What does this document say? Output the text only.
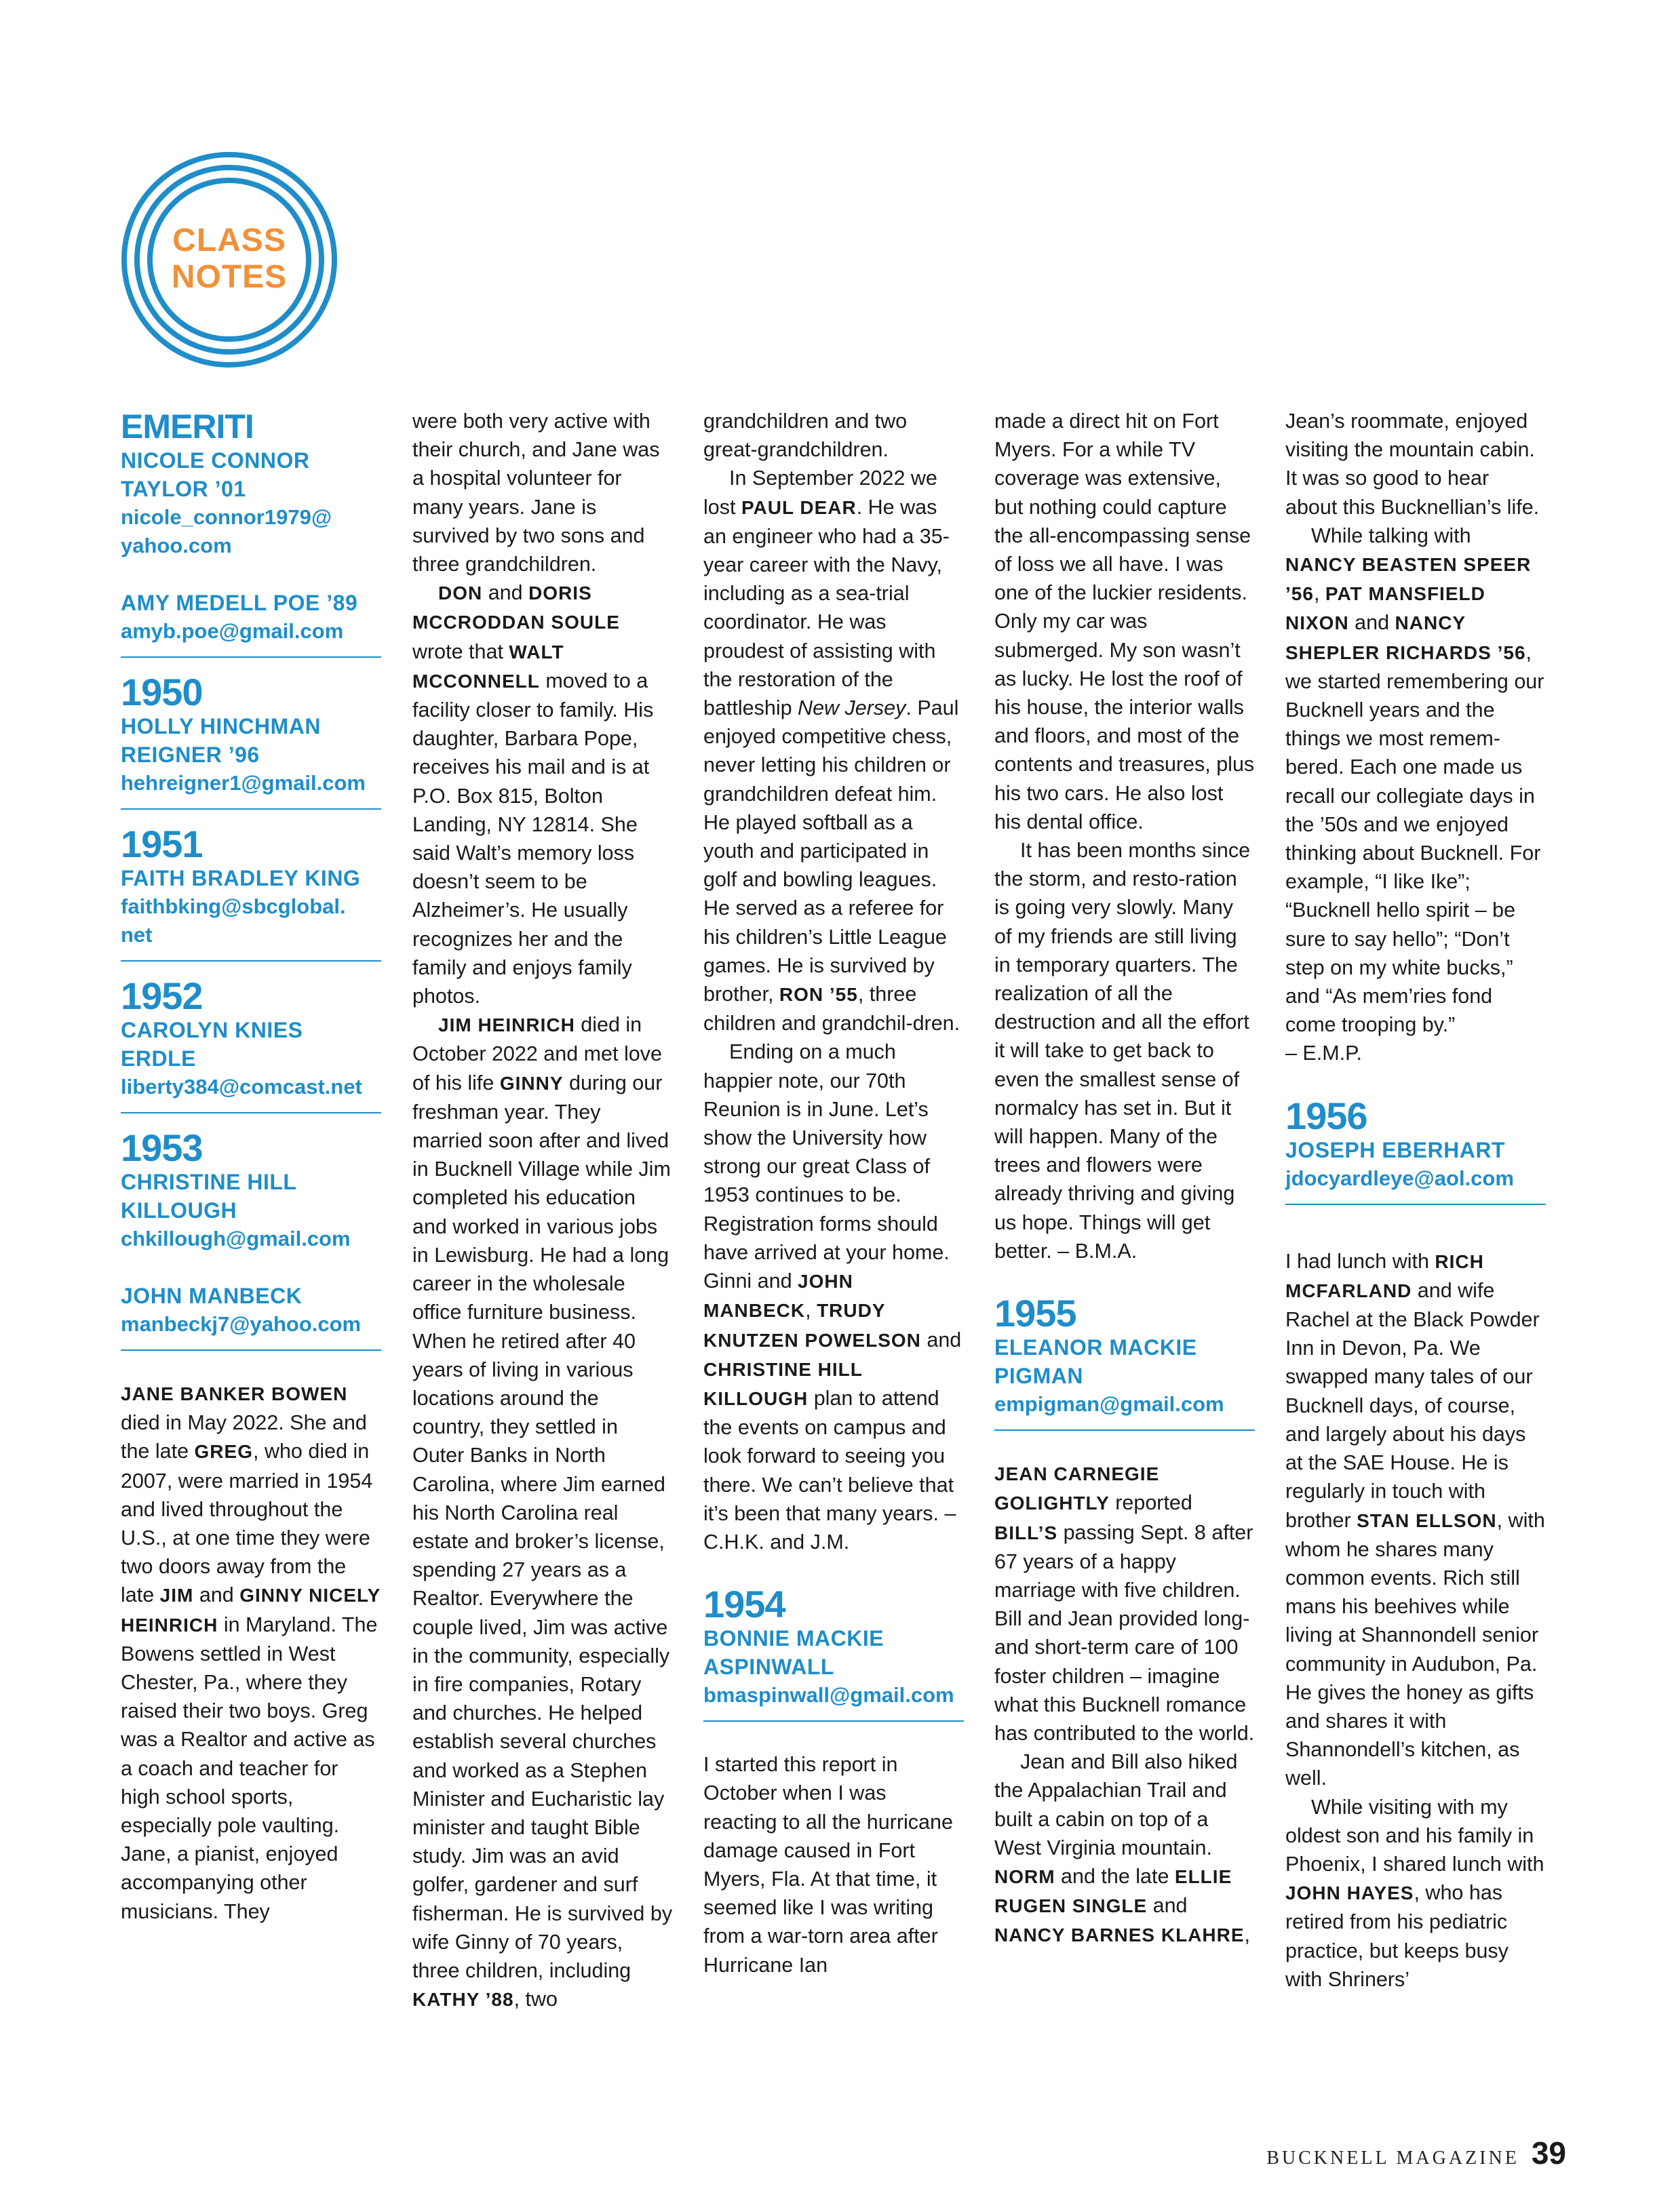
CLASS
NOTES
EMERITI
NICOLE CONNOR TAYLOR ’01
nicole_connor1979@ yahoo.com
AMY MEDELL POE ’89
amyb.poe@gmail.com
1950
HOLLY HINCHMAN REIGNER ’96
hehreigner1@gmail.com
1951
FAITH BRADLEY KING
faithbking@sbcglobal. net
1952
CAROLYN KNIES ERDLE
liberty384@comcast.net
1953
CHRISTINE HILL KILLOUGH
chkillough@gmail.com
JOHN MANBECK
manbeckj7@yahoo.com

JANE BANKER BOWEN died in May 2022. She and the late GREG, who died in 2007, were married in 1954 and lived throughout the U.S., at one time they were two doors away from the late JIM and GINNY NICELY HEINRICH in Maryland. The Bowens settled in West Chester, Pa., where they raised their two boys. Greg was a Realtor and active as a coach and teacher for high school sports, especially pole vaulting. Jane, a pianist, enjoyed accompanying other musicians. They

were both very active with their church, and Jane was a hospital volunteer for many years. Jane is survived by two sons and three grandchildren.

DON and DORIS MCCRODDAN SOULE wrote that WALT MCCONNELL moved to a facility closer to family. His daughter, Barbara Pope, receives his mail and is at P.O. Box 815, Bolton Landing, NY 12814. She said Walt’s memory loss doesn’t seem to be Alzheimer’s. He usually recognizes her and the family and enjoys family photos.

JIM HEINRICH died in October 2022 and met love of his life GINNY during our freshman year. They married soon after and lived in Bucknell Village while Jim completed his education and worked in various jobs in Lewisburg. He had a long career in the wholesale office furniture business. When he retired after 40 years of living in various locations around the country, they settled in Outer Banks in North Carolina, where Jim earned his North Carolina real estate and broker’s license, spending 27 years as a Realtor. Everywhere the couple lived, Jim was active in the community, especially in fire companies, Rotary and churches. He helped establish several churches and worked as a Stephen Minister and Eucharistic lay minister and taught Bible study. Jim was an avid golfer, gardener and surf fisherman. He is survived by wife Ginny of 70 years, three children, including KATHY ’88, two

grandchildren and two great-grandchildren.

In September 2022 we lost PAUL DEAR. He was an engineer who had a 35-year career with the Navy, including as a sea-trial coordinator. He was proudest of assisting with the restoration of the battleship New Jersey. Paul enjoyed competitive chess, never letting his children or grandchildren defeat him. He played softball as a youth and participated in golf and bowling leagues. He served as a referee for his children’s Little League games. He is survived by brother, RON ’55, three children and grandchil-dren.

Ending on a much happier note, our 70th Reunion is in June. Let’s show the University how strong our great Class of 1953 continues to be. Registration forms should have arrived at your home. Ginni and JOHN MANBECK, TRUDY KNUTZEN POWELSON and CHRISTINE HILL KILLOUGH plan to attend the events on campus and look forward to seeing you there. We can’t believe that it’s been that many years. – C.H.K. and J.M.

1954
BONNIE MACKIE ASPINWALL
bmaspinwall@gmail.com

I started this report in October when I was reacting to all the hurricane damage caused in Fort Myers, Fla. At that time, it seemed like I was writing from a war-torn area after Hurricane Ian

made a direct hit on Fort Myers. For a while TV coverage was extensive, but nothing could capture the all-encompassing sense of loss we all have. I was one of the luckier residents. Only my car was submerged. My son wasn’t as lucky. He lost the roof of his house, the interior walls and floors, and most of the contents and treasures, plus his two cars. He also lost his dental office.

It has been months since the storm, and resto-ration is going very slowly. Many of my friends are still living in temporary quarters. The realization of all the destruction and all the effort it will take to get back to even the smallest sense of normalcy has set in. But it will happen. Many of the trees and flowers were already thriving and giving us hope. Things will get better. – B.M.A.

1955
ELEANOR MACKIE PIGMAN
empigman@gmail.com

JEAN CARNEGIE GOLIGHTLY reported BILL’S passing Sept. 8 after 67 years of a happy marriage with five children. Bill and Jean provided long- and short-term care of 100 foster children – imagine what this Bucknell romance has contributed to the world.

Jean and Bill also hiked the Appalachian Trail and built a cabin on top of a West Virginia mountain. NORM and the late ELLIE RUGEN SINGLE and NANCY BARNES KLAHRE,

Jean’s roommate, enjoyed visiting the mountain cabin. It was so good to hear about this Bucknellian’s life.

While talking with NANCY BEASTEN SPEER ’56, PAT MANSFIELD NIXON and NANCY SHEPLER RICHARDS ’56, we started remembering our Bucknell years and the things we most remem-bered. Each one made us recall our collegiate days in the ’50s and we enjoyed thinking about Bucknell. For example, “I like Ike”; “Bucknell hello spirit – be sure to say hello”; “Don’t step on my white bucks,” and “As mem’ries fond come trooping by.”

– E.M.P.

1956
JOSEPH EBERHART
jdocyardleye@aol.com

I had lunch with RICH MCFARLAND and wife Rachel at the Black Powder Inn in Devon, Pa. We swapped many tales of our Bucknell days, of course, and largely about his days at the SAE House. He is regularly in touch with brother STAN ELLSON, with whom he shares many common events. Rich still mans his beehives while living at Shannondell senior community in Audubon, Pa. He gives the honey as gifts and shares it with Shannondell’s kitchen, as well.

While visiting with my oldest son and his family in Phoenix, I shared lunch with JOHN HAYES, who has retired from his pediatric practice, but keeps busy with Shriners’

BUCKNELL MAGAZINE 39
